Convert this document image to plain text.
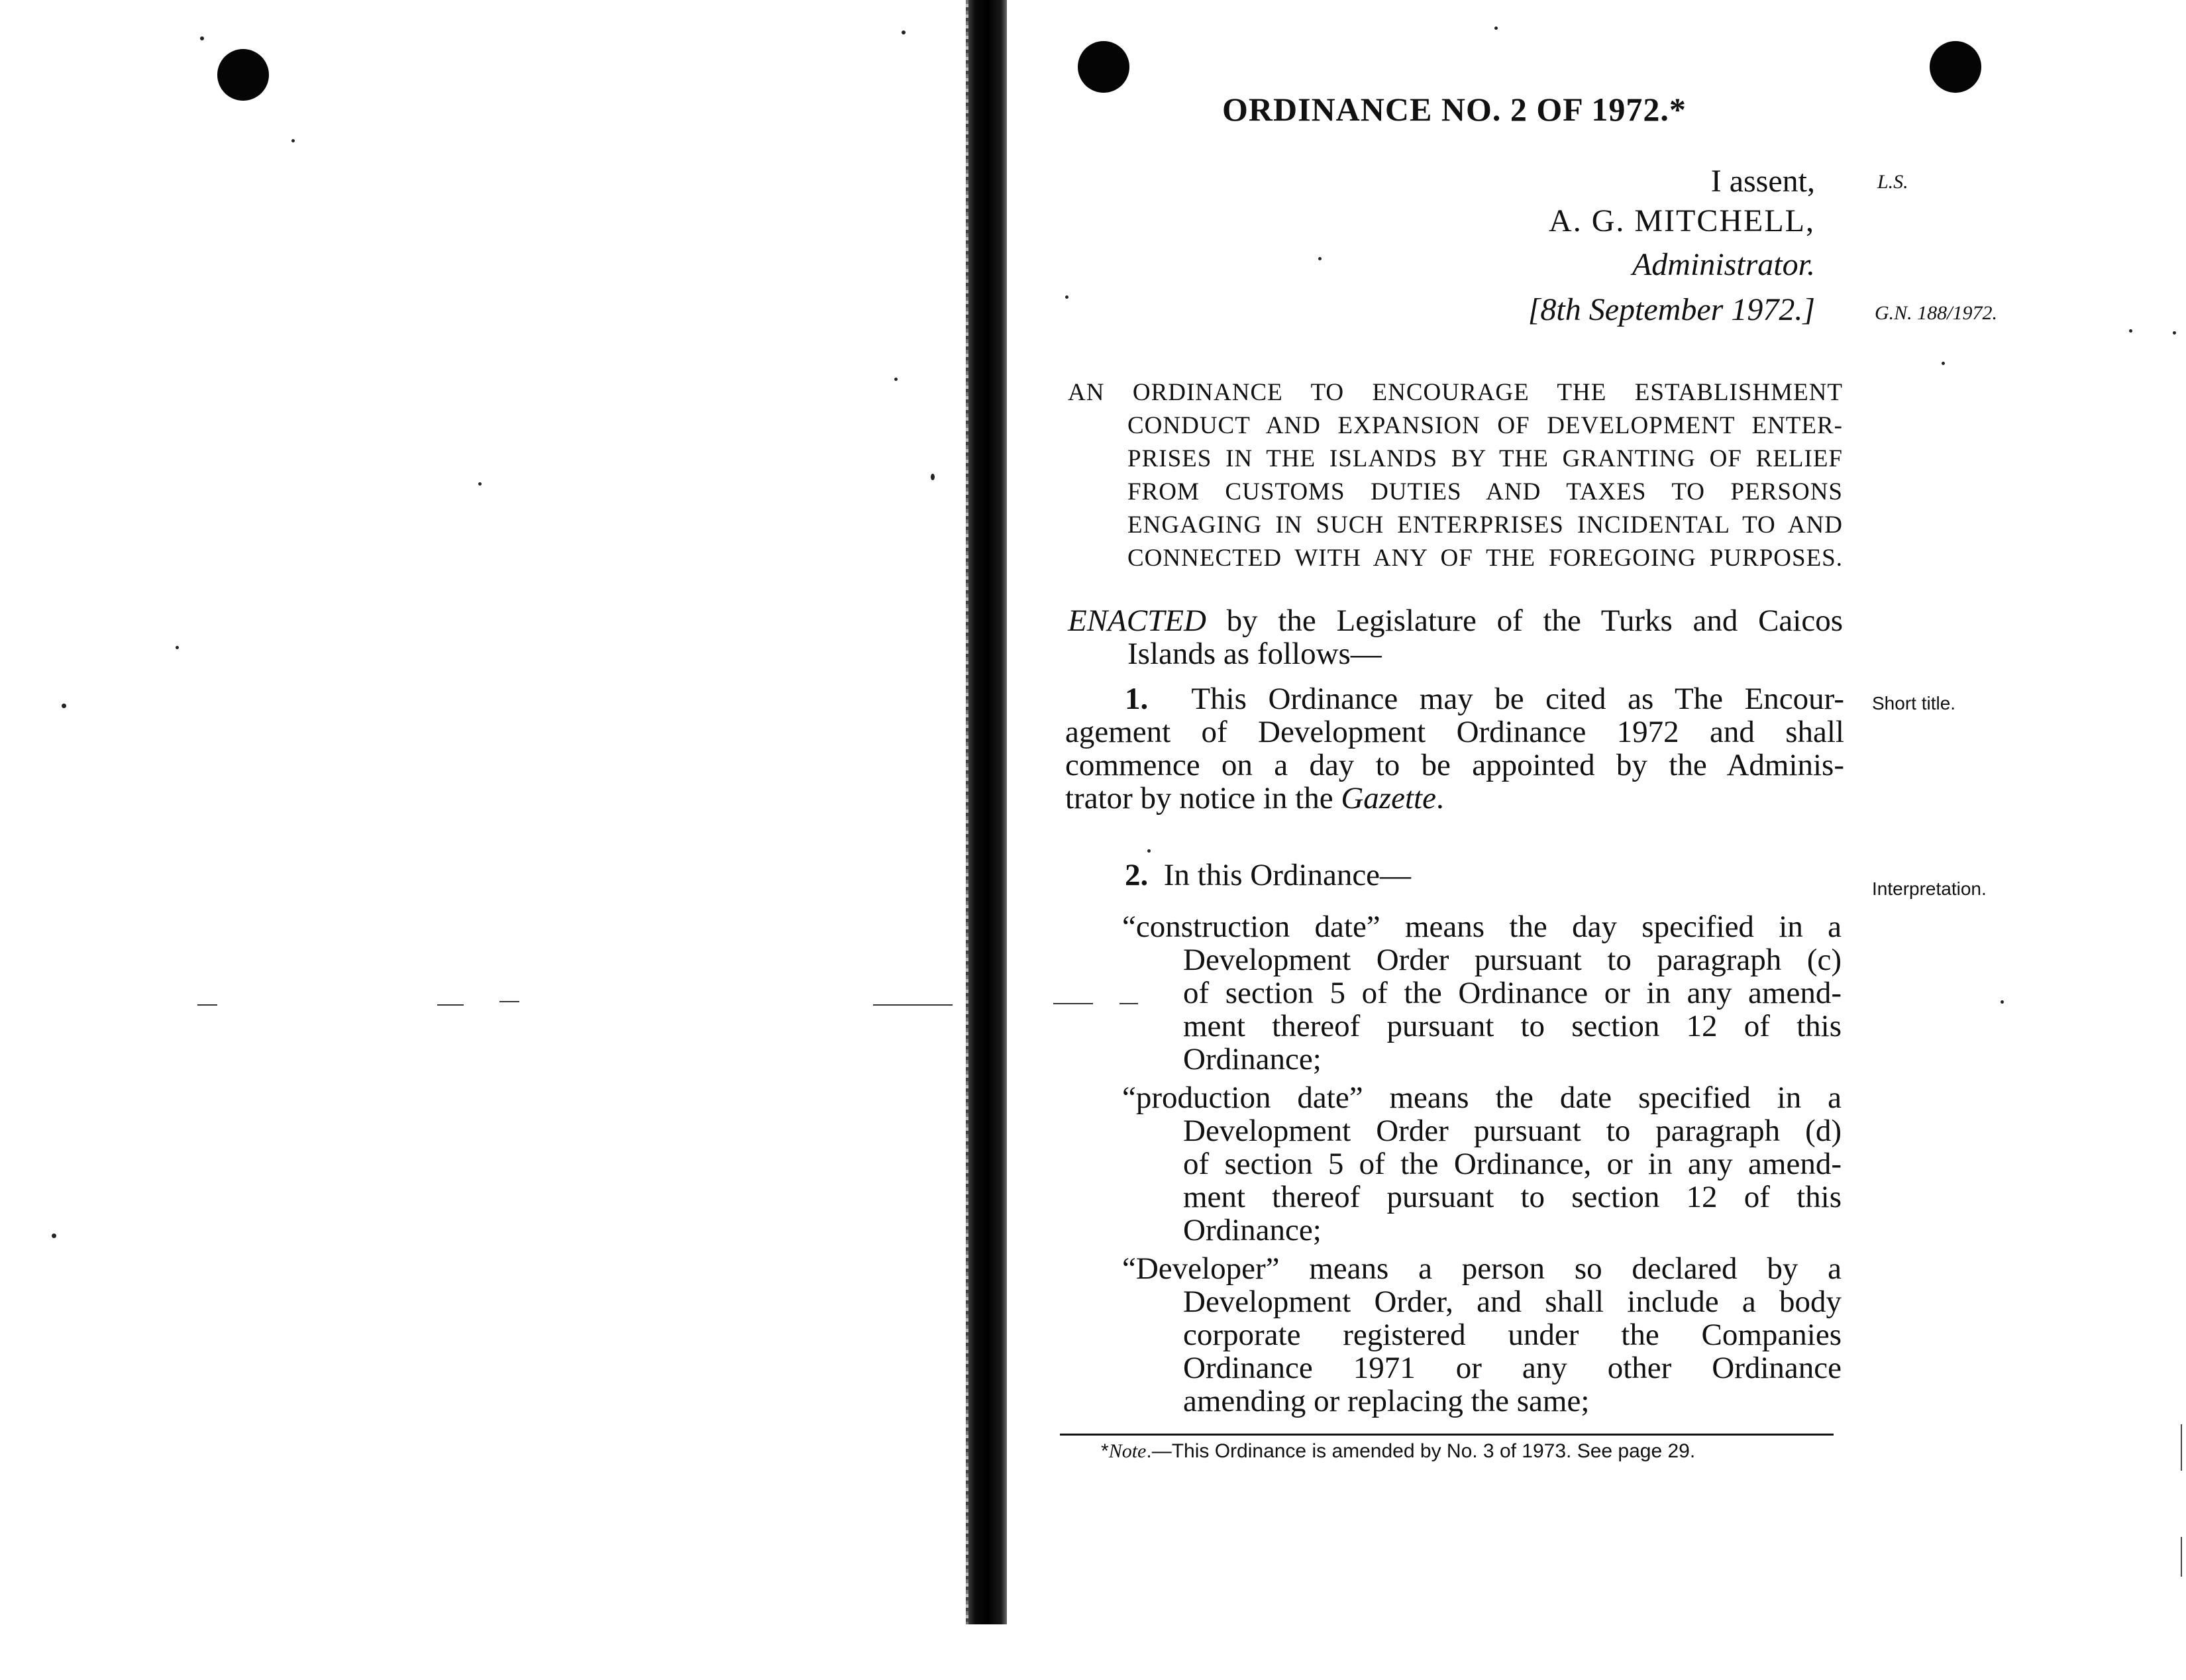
ORDINANCE NO. 2 OF 1972.*
I assent,
A. G. MITCHELL,
Administrator.
[8th September 1972.]
L.S.
G.N. 188/1972.
Short title.
Interpretation.
AN ORDINANCE TO ENCOURAGE THE ESTABLISHMENT
CONDUCT AND EXPANSION OF DEVELOPMENT ENTER-
PRISES IN THE ISLANDS BY THE GRANTING OF RELIEF
FROM CUSTOMS DUTIES AND TAXES TO PERSONS
ENGAGING IN SUCH ENTERPRISES INCIDENTAL TO AND
CONNECTED WITH ANY OF THE FOREGOING PURPOSES.
ENACTED by the Legislature of the Turks and Caicos
Islands as follows—
1. This Ordinance may be cited as The Encour-
agement of Development Ordinance 1972 and shall
commence on a day to be appointed by the Adminis-
trator by notice in the Gazette.
2. In this Ordinance—
“construction date” means the day specified in a
Development Order pursuant to paragraph (c)
of section 5 of the Ordinance or in any amend-
ment thereof pursuant to section 12 of this
Ordinance;
“production date” means the date specified in a
Development Order pursuant to paragraph (d)
of section 5 of the Ordinance, or in any amend-
ment thereof pursuant to section 12 of this
Ordinance;
“Developer” means a person so declared by a
Development Order, and shall include a body
corporate registered under the Companies
Ordinance 1971 or any other Ordinance
amending or replacing the same;
*Note.—This Ordinance is amended by No. 3 of 1973. See page 29.
